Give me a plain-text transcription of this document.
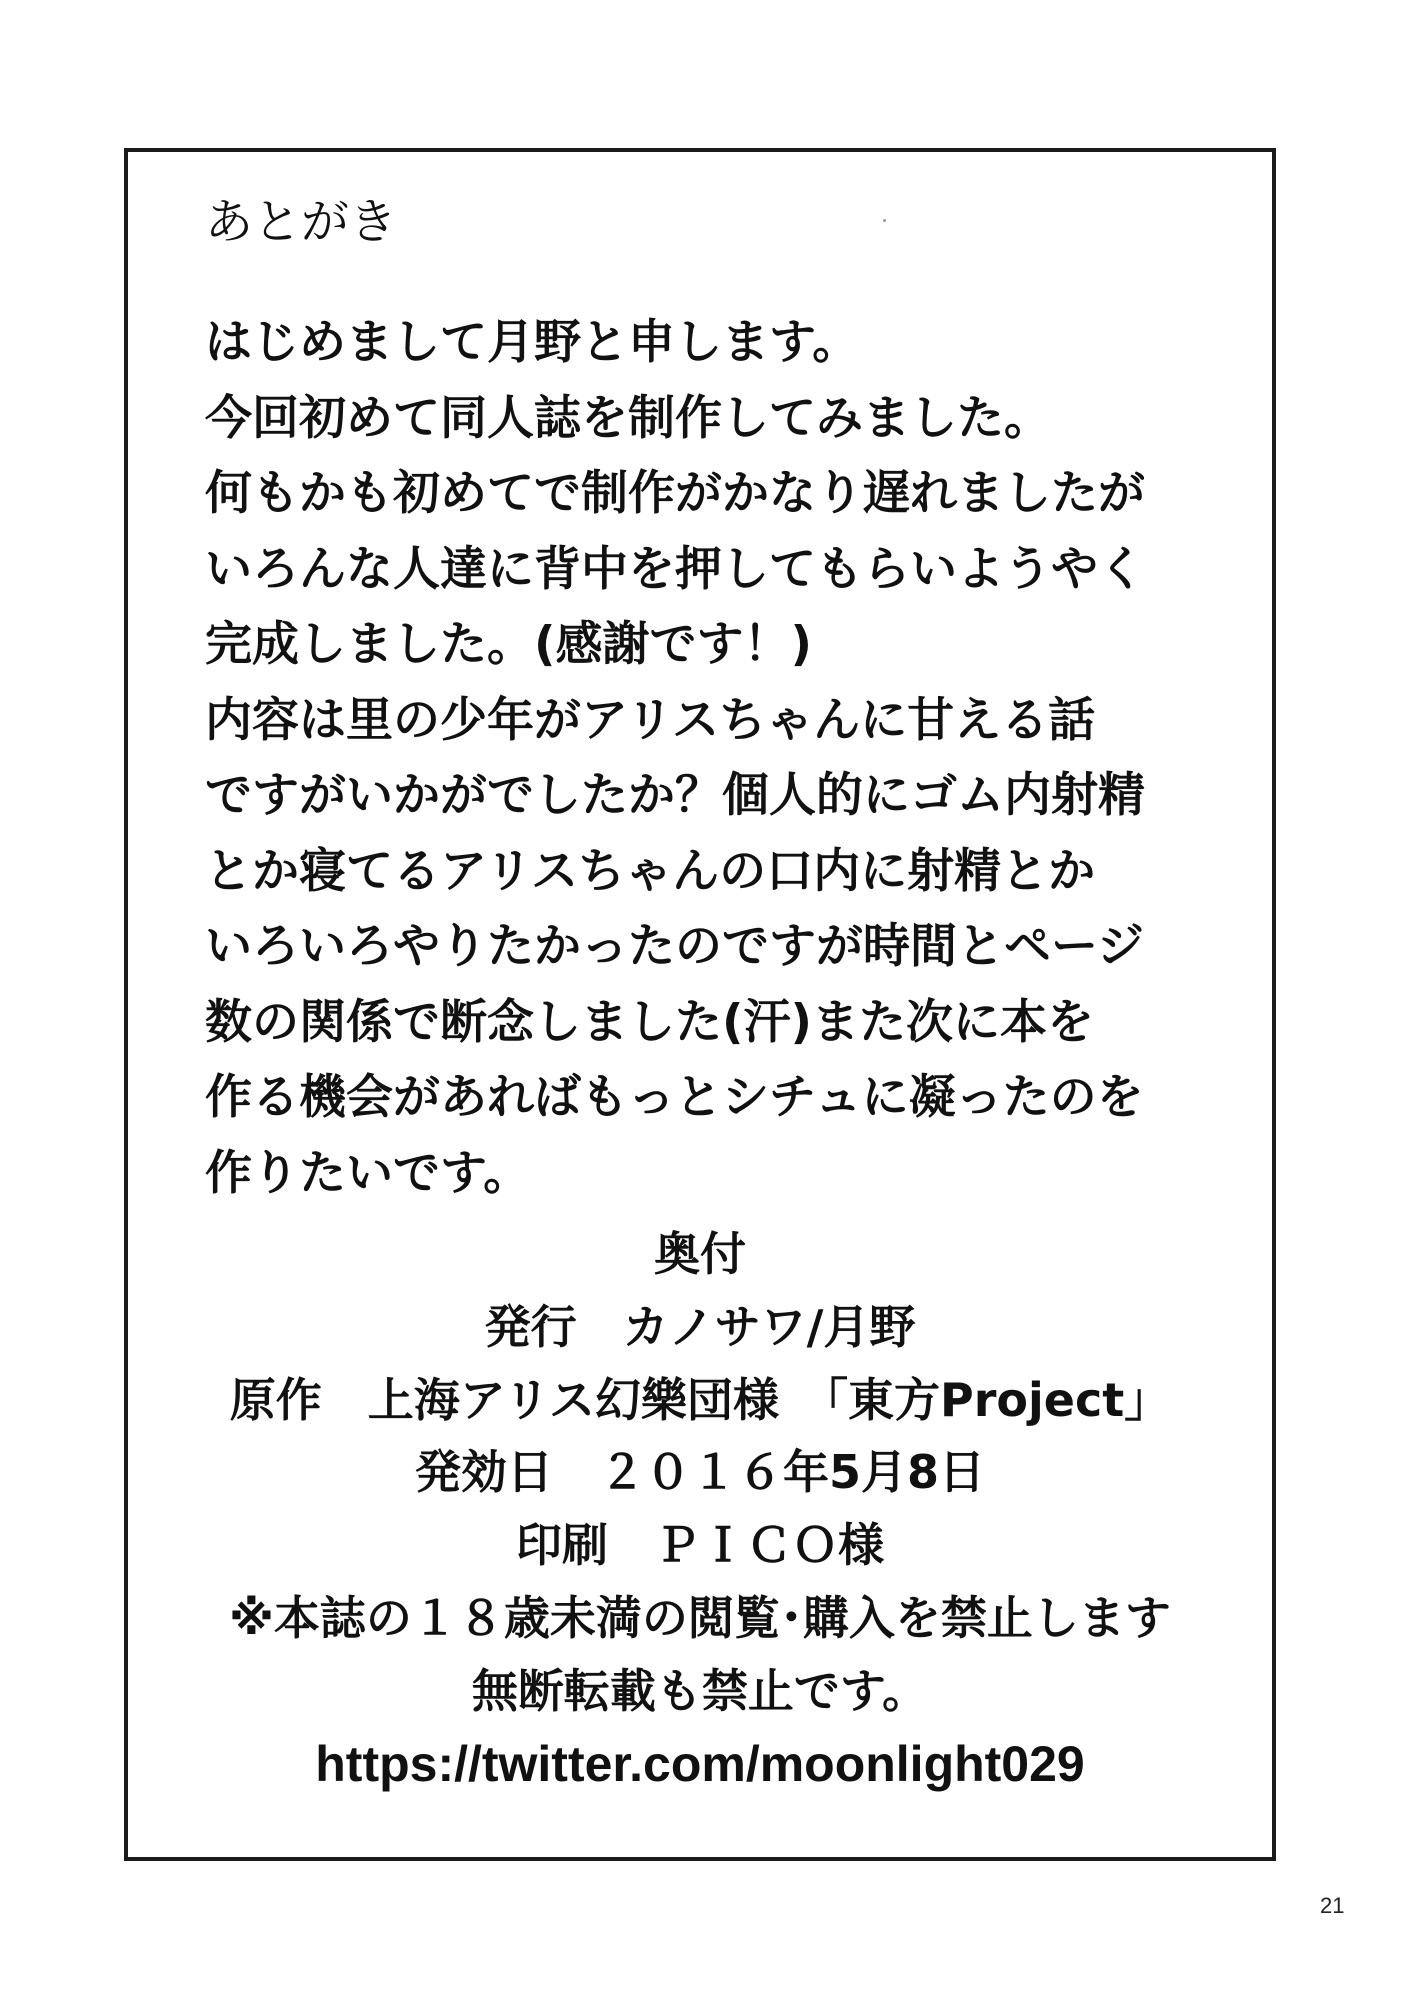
あとがき
はじめまして月野と申します。
今回初めて同人誌を制作してみました。
何もかも初めてで制作がかなり遅れましたが
いろんな人達に背中を押してもらいようやく
完成しました。(感謝です！)
内容は里の少年がアリスちゃんに甘える話
ですがいかがでしたか？個人的にゴム内射精
とか寝てるアリスちゃんの口内に射精とか
いろいろやりたかったのですが時間とページ
数の関係で断念しました(汗)また次に本を
作る機会があればもっとシチュに凝ったのを
作りたいです。
奥付
発行　カノサワ/月野
原作　上海アリス幻樂団様　「東方Project」
発効日　２０１６年5月8日
印刷　ＰＩＣＯ様
※本誌の１８歳未満の閲覧･購入を禁止します
無断転載も禁止です。
https://twitter.com/moonlight029
21
